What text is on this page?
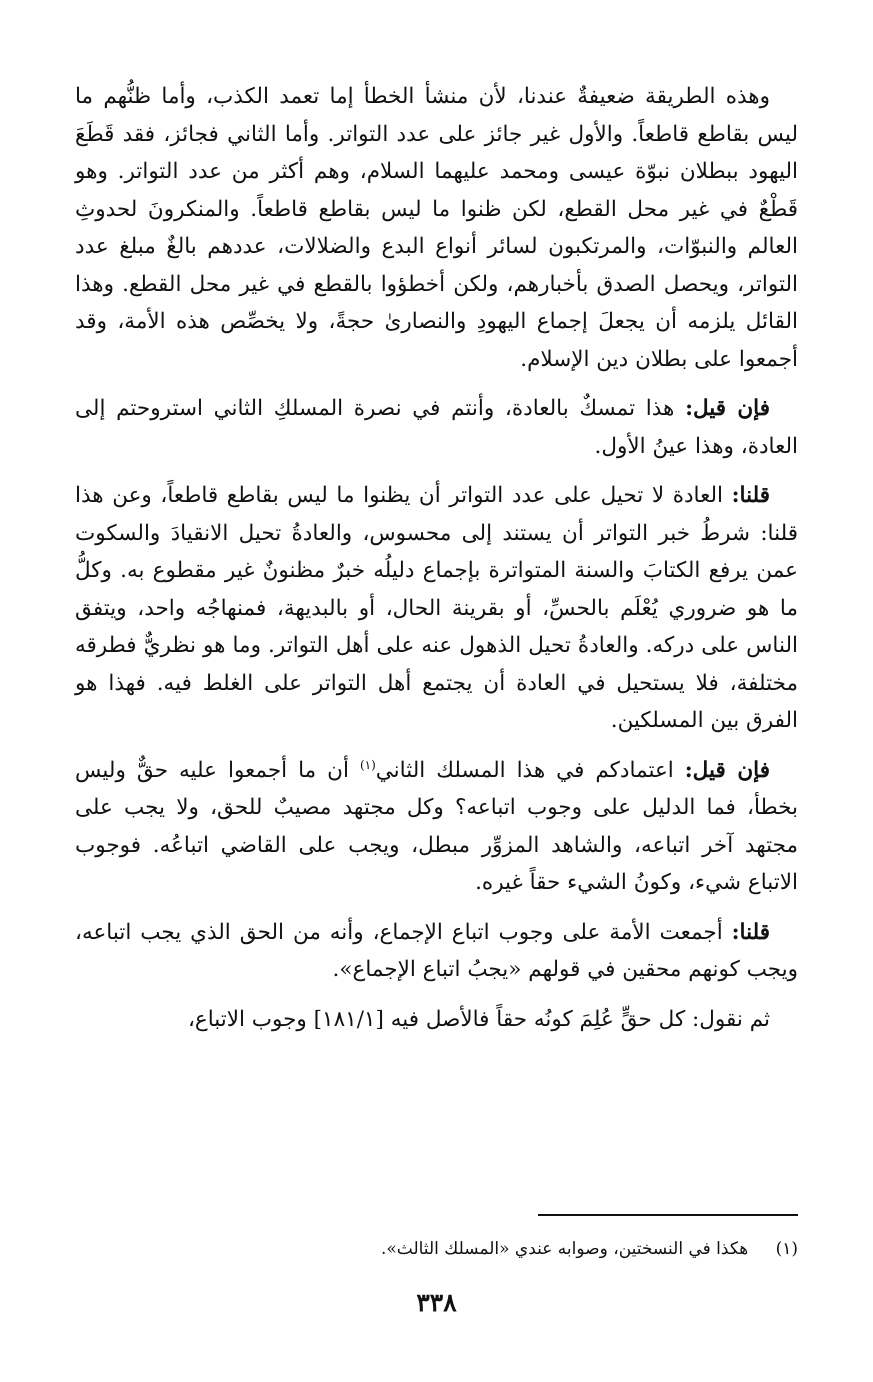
وهذه الطريقة ضعيفةٌ عندنا، لأن منشأ الخطأ إما تعمد الكذب، وأما ظنُّهم ما ليس بقاطع قاطعاً. والأول غير جائز على عدد التواتر. وأما الثاني فجائز، فقد قَطَعَ اليهود ببطلان نبوّة عيسى ومحمد عليهما السلام، وهم أكثر من عدد التواتر. وهو قَطْعٌ في غير محل القطع، لكن ظنوا ما ليس بقاطع قاطعاً. والمنكرونَ لحدوثِ العالم والنبوّات، والمرتكبون لسائر أنواع البدع والضلالات، عددهم بالغٌ مبلغ عدد التواتر، ويحصل الصدق بأخبارهم، ولكن أخطؤوا بالقطع في غير محل القطع. وهذا القائل يلزمه أن يجعلَ إجماع اليهودِ والنصارىٰ حجةً، ولا يخصِّص هذه الأمة، وقد أجمعوا على بطلان دين الإسلام.

فإن قيل: هذا تمسكٌ بالعادة، وأنتم في نصرة المسلكِ الثاني استروحتم إلى العادة، وهذا عينُ الأول.

قلنا: العادة لا تحيل على عدد التواتر أن يظنوا ما ليس بقاطع قاطعاً، وعن هذا قلنا: شرطُ خبر التواتر أن يستند إلى محسوس، والعادةُ تحيل الانقيادَ والسكوت عمن يرفع الكتابَ والسنة المتواترة بإجماع دليلُه خبرٌ مظنونٌ غير مقطوع به. وكلُّ ما هو ضروري يُعْلَم بالحسِّ، أو بقرينة الحال، أو بالبديهة، فمنهاجُه واحد، ويتفق الناس على دركه. والعادةُ تحيل الذهول عنه على أهل التواتر. وما هو نظريٌّ فطرقه مختلفة، فلا يستحيل في العادة أن يجتمع أهل التواتر على الغلط فيه. فهذا هو الفرق بين المسلكين.

فإن قيل: اعتمادكم في هذا المسلك الثاني$^{(١)}$ أن ما أجمعوا عليه حقٌّ وليس بخطأ، فما الدليل على وجوب اتباعه؟ وكل مجتهد مصيبٌ للحق، ولا يجب على مجتهد آخر اتباعه، والشاهد المزوِّر مبطل، ويجب على القاضي اتباعُه. فوجوب الاتباع شيء، وكونُ الشيء حقاً غيره.

قلنا: أجمعت الأمة على وجوب اتباع الإجماع، وأنه من الحق الذي يجب اتباعه، ويجب كونهم محقين في قولهم «يجبُ اتباع الإجماع».

ثم نقول: كل حقٍّ عُلِمَ كونُه حقاً فالأصل فيه [١٨١/١] وجوب الاتباع،

(١) هكذا في النسختين، وصوابه عندي «المسلك الثالث».
٣٣٨
